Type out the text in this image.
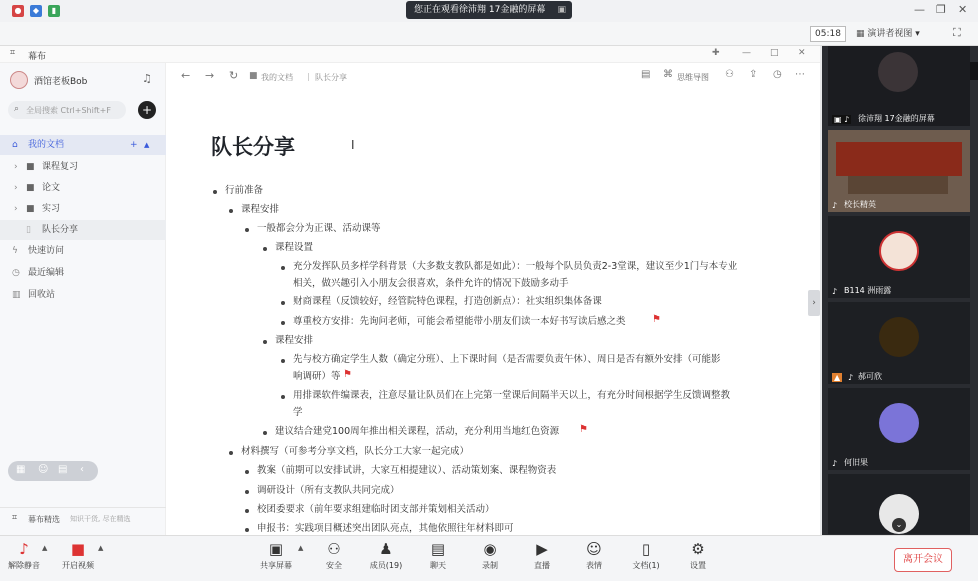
●	◆	▮	您正在观看徐沛翔 17金融的屏幕 ▣	— ❐ ✕
05:18	▦ 演讲者视图 ▾	⛶
⌗ 幕布	✚ — □ ✕
酒馆老板Bob	♫
⌕ 全局搜索 Ctrl+Shift+F	+
⌂ 我的文档	+ ▲
› ■ 课程复习
› ■ 论文
› ■ 实习
▯ 队长分享
ϟ 快速访问
◷ 最近编辑
▥ 回收站
▦ ☺ ▤ ‹
⌗ 幕布精选 知识干货, 尽在精选
← → ↻ ■ 我的文档 | 队长分享	▤ ⌘ 思维导图 ⚇ ⇪ ◷ ⋯
队长分享	I
行前准备
课程安排
一般都会分为正课、活动课等
课程设置
充分发挥队员多样学科背景（大多数支教队都是如此）：一般每个队员负责2-3堂课，建议至少1门与本专业
相关，做兴趣引入小朋友会很喜欢，条件允许的情况下鼓励多动手
财商课程（反馈较好，经管院特色课程，打造创新点）：社实组织集体备课
尊重校方安排：先询问老师，可能会希望能带小朋友们读一本好书写读后感之类	⚑
课程安排
先与校方确定学生人数（确定分班）、上下课时间（是否需要负责午休）、周日是否有额外安排（可能影
响调研）等 ⚑
用排课软件编课表，注意尽量让队员们在上完第一堂课后间隔半天以上，有充分时间根据学生反馈调整教
学
建议结合建党100周年推出相关课程，活动，充分利用当地红色资源 ⚑
材料撰写（可参考分享文档，队长分工大家一起完成）
教案（前期可以安排试讲，大家互相提建议）、活动策划案、课程物资表
调研设计（所有支教队共同完成）
校团委要求（前年要求组建临时团支部并策划相关活动）
申报书：实践项目概述突出团队亮点，其他依照往年材料即可
›
▣ ♪ 徐沛翔 17金融的屏幕
♪ 校长精英
♪ B114 洲雨露
▲ ♪ 郝可欣
♪ 何旧果
⌄
♪
解除静音
▲	■
开启视频
▲	▣
共享屏幕
▲	⚇
安全
♟
成员(19)
▤
聊天
◉
录制
▶
直播
☺
表情
▯
文档(1)
⚙
设置
离开会议
